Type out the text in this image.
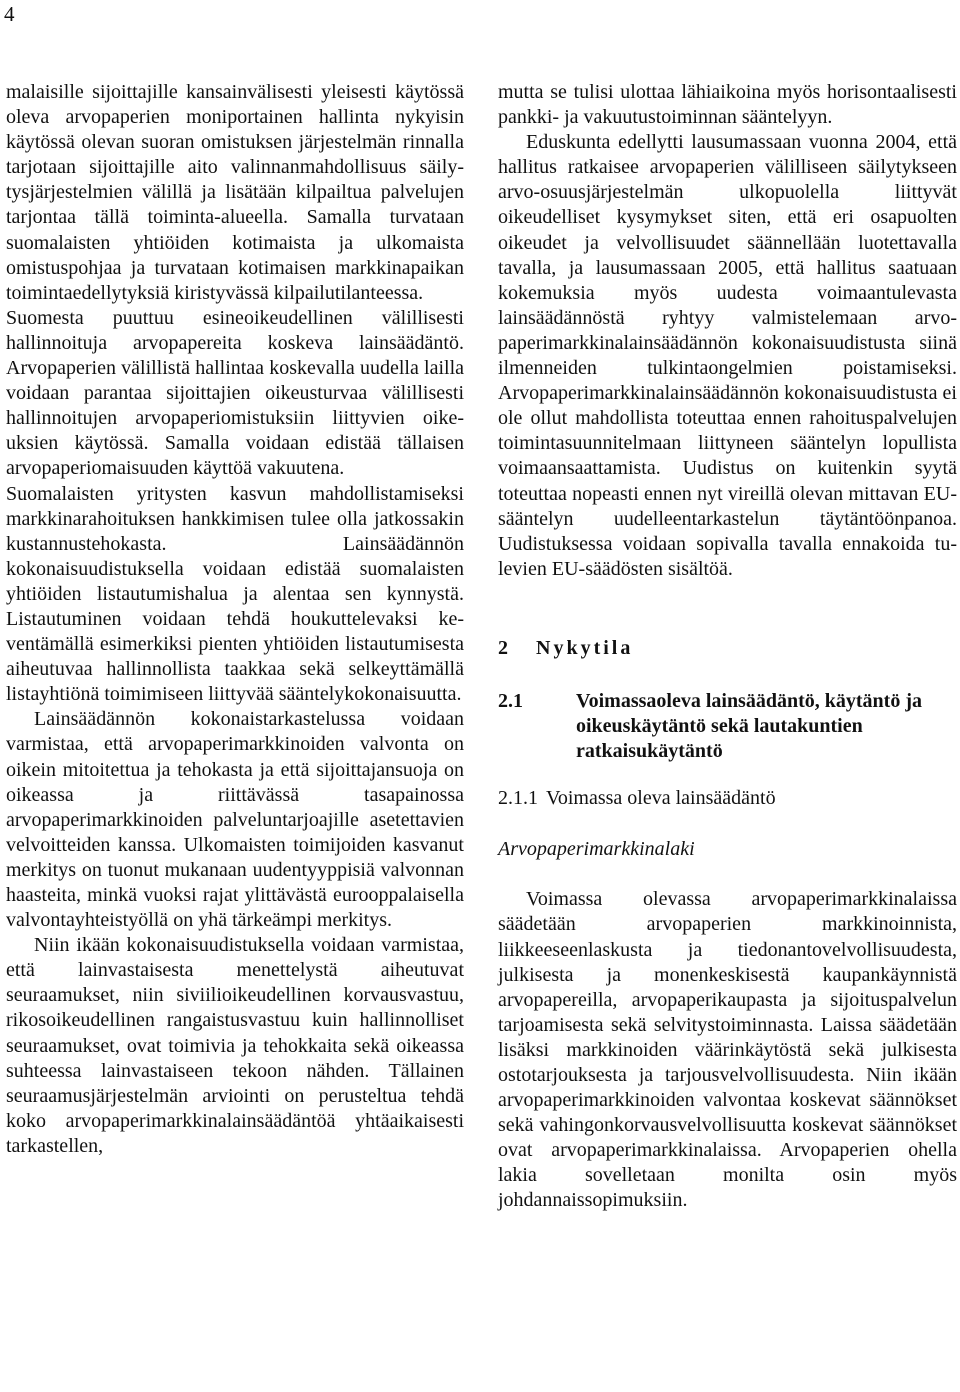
4

malaisille sijoittajille kansainvälisesti yleisesti käytössä oleva arvopaperien moniportainen hallinta nykyisin käytössä olevan suoran omistuksen järjestelmän rinnalla tarjotaan sijoittajille aito valinnanmahdollisuus säilytysjärjestelmien välillä ja lisätään kilpailtua palvelujen tarjontaa tällä toiminta-alueella. Samalla turvataan suomalaisten yhtiöiden kotimaista ja ulkomaista omistuspohjaa ja turvataan kotimaisen markkinapaikan toimintaedellytyksiä kiristyvässä kilpailutilanteessa.

Suomesta puuttuu esineoikeudellinen välillisesti hallinnoituja arvopapereita koskeva lainsäädäntö. Arvopaperien välillistä hallintaa koskevalla uudella lailla voidaan parantaa sijoittajien oikeusturvaa välillisesti hallinnoitujen arvopaperiomistuksiin liittyvien oikeuksien käytössä. Samalla voidaan edistää tällaisen arvopaperiomaisuuden käyttöä vakuutena.

Suomalaisten yritysten kasvun mahdollistamiseksi markkinarahoituksen hankkimisen tulee olla jatkossakin kustannustehokasta. Lainsäädännön kokonaisuudistuksella voidaan edistää suomalaisten yhtiöiden listautumishalua ja alentaa sen kynnystä. Listautuminen voidaan tehdä houkuttelevaksi keventämällä esimerkiksi pienten yhtiöiden listautumisesta aiheutuvaa hallinnollista taakkaa sekä selkeyttämällä listayhtiönä toimimiseen liittyvää sääntelykokonaisuutta.

Lainsäädännön kokonaistarkastelussa voidaan varmistaa, että arvopaperimarkkinoiden valvonta on oikein mitoitettua ja tehokasta ja että sijoittajansuoja on oikeassa ja riittävässä tasapainossa arvopaperimarkkinoiden palveluntarjoajille asetettavien velvoitteiden kanssa. Ulkomaisten toimijoiden kasvanut merkitys on tuonut mukanaan uudentyyppisiä valvonnan haasteita, minkä vuoksi rajat ylittävästä eurooppalaisella valvontayhteistyöllä on yhä tärkeämpi merkitys.

Niin ikään kokonaisuudistuksella voidaan varmistaa, että lainvastaisesta menettelystä aiheutuvat seuraamukset, niin siviilioikeudellinen korvausvastuu, rikosoikeudellinen rangaistusvastuu kuin hallinnolliset seuraamukset, ovat toimivia ja tehokkaita sekä oikeassa suhteessa lainvastaiseen tekoon nähden. Tällainen seuraamusjärjestelmän arviointi on perusteltua tehdä koko arvopaperimarkkinalainsäädäntöä yhtäaikaisesti tarkastellen,

mutta se tulisi ulottaa lähiaikoina myös horisontaalisesti pankki- ja vakuutustoiminnan sääntelyyn.

Eduskunta edellytti lausumassaan vuonna 2004, että hallitus ratkaisee arvopaperien välilliseen säilytykseen arvo-osuusjärjestelmän ulkopuolella liittyvät oikeudelliset kysymykset siten, että eri osapuolten oikeudet ja velvollisuudet säännellään luotettavalla tavalla, ja lausumassaan 2005, että hallitus saatuaan kokemuksia myös uudesta voimaantulevasta lainsäädännöstä ryhtyy valmistelemaan arvopaperimarkkinalainsäädännön kokonaisuudistusta siinä ilmenneiden tulkintaongelmien poistamiseksi. Arvopaperimarkkinalainsäädännön kokonaisuudistusta ei ole ollut mahdollista toteuttaa ennen rahoituspalvelujen toimintasuunnitelmaan liittyneen sääntelyn lopullista voimaansaattamista. Uudistus on kuitenkin syytä toteuttaa nopeasti ennen nyt vireillä olevan mittavan EU-sääntelyn uudelleentarkastelun täytäntöönpanoa. Uudistuksessa voidaan sopivalla tavalla ennakoida tulevien EU-säädösten sisältöä.

2	Nykytila
2.1	Voimassaoleva lainsäädäntö, käytäntö ja oikeuskäytäntö sekä lautakuntien ratkaisukäytäntö
2.1.1 Voimassa oleva lainsäädäntö
Arvopaperimarkkinalaki

Voimassa olevassa arvopaperimarkkinalaissa säädetään arvopaperien markkinoinnista, liikkeeseenlaskusta ja tiedonantovelvollisuudesta, julkisesta ja monenkeskisestä kaupankäynnistä arvopapereilla, arvopaperikaupasta ja sijoituspalvelun tarjoamisesta sekä selvitystoiminnasta. Laissa säädetään lisäksi markkinoiden väärinkäytöstä sekä julkisesta ostotarjouksesta ja tarjousvelvollisuudesta. Niin ikään arvopaperimarkkinoiden valvontaa koskevat säännökset sekä vahingonkorvausvelvollisuutta koskevat säännökset ovat arvopaperimarkkinalaissa. Arvopaperien ohella lakia sovelletaan monilta osin myös johdannaissopimuksiin.
